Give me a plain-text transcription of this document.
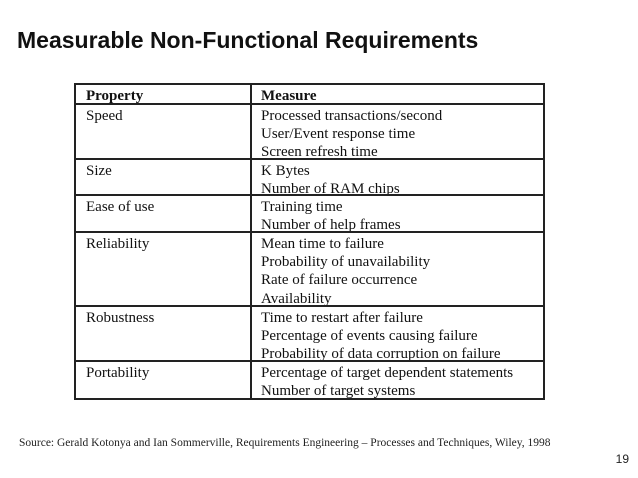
Measurable Non-Functional Requirements
Property	Measure
Speed	Processed transactions/second
User/Event response time
Screen refresh time
Size	K Bytes
Number of RAM chips
Ease of use	Training time
Number of help frames
Reliability	Mean time to failure
Probability of unavailability
Rate of failure occurrence
Availability
Robustness	Time to restart after failure
Percentage of events causing failure
Probability of data corruption on failure
Portability	Percentage of target dependent statements
Number of target systems
Source: Gerald Kotonya and Ian Sommerville, Requirements Engineering – Processes and Techniques, Wiley, 1998
19
